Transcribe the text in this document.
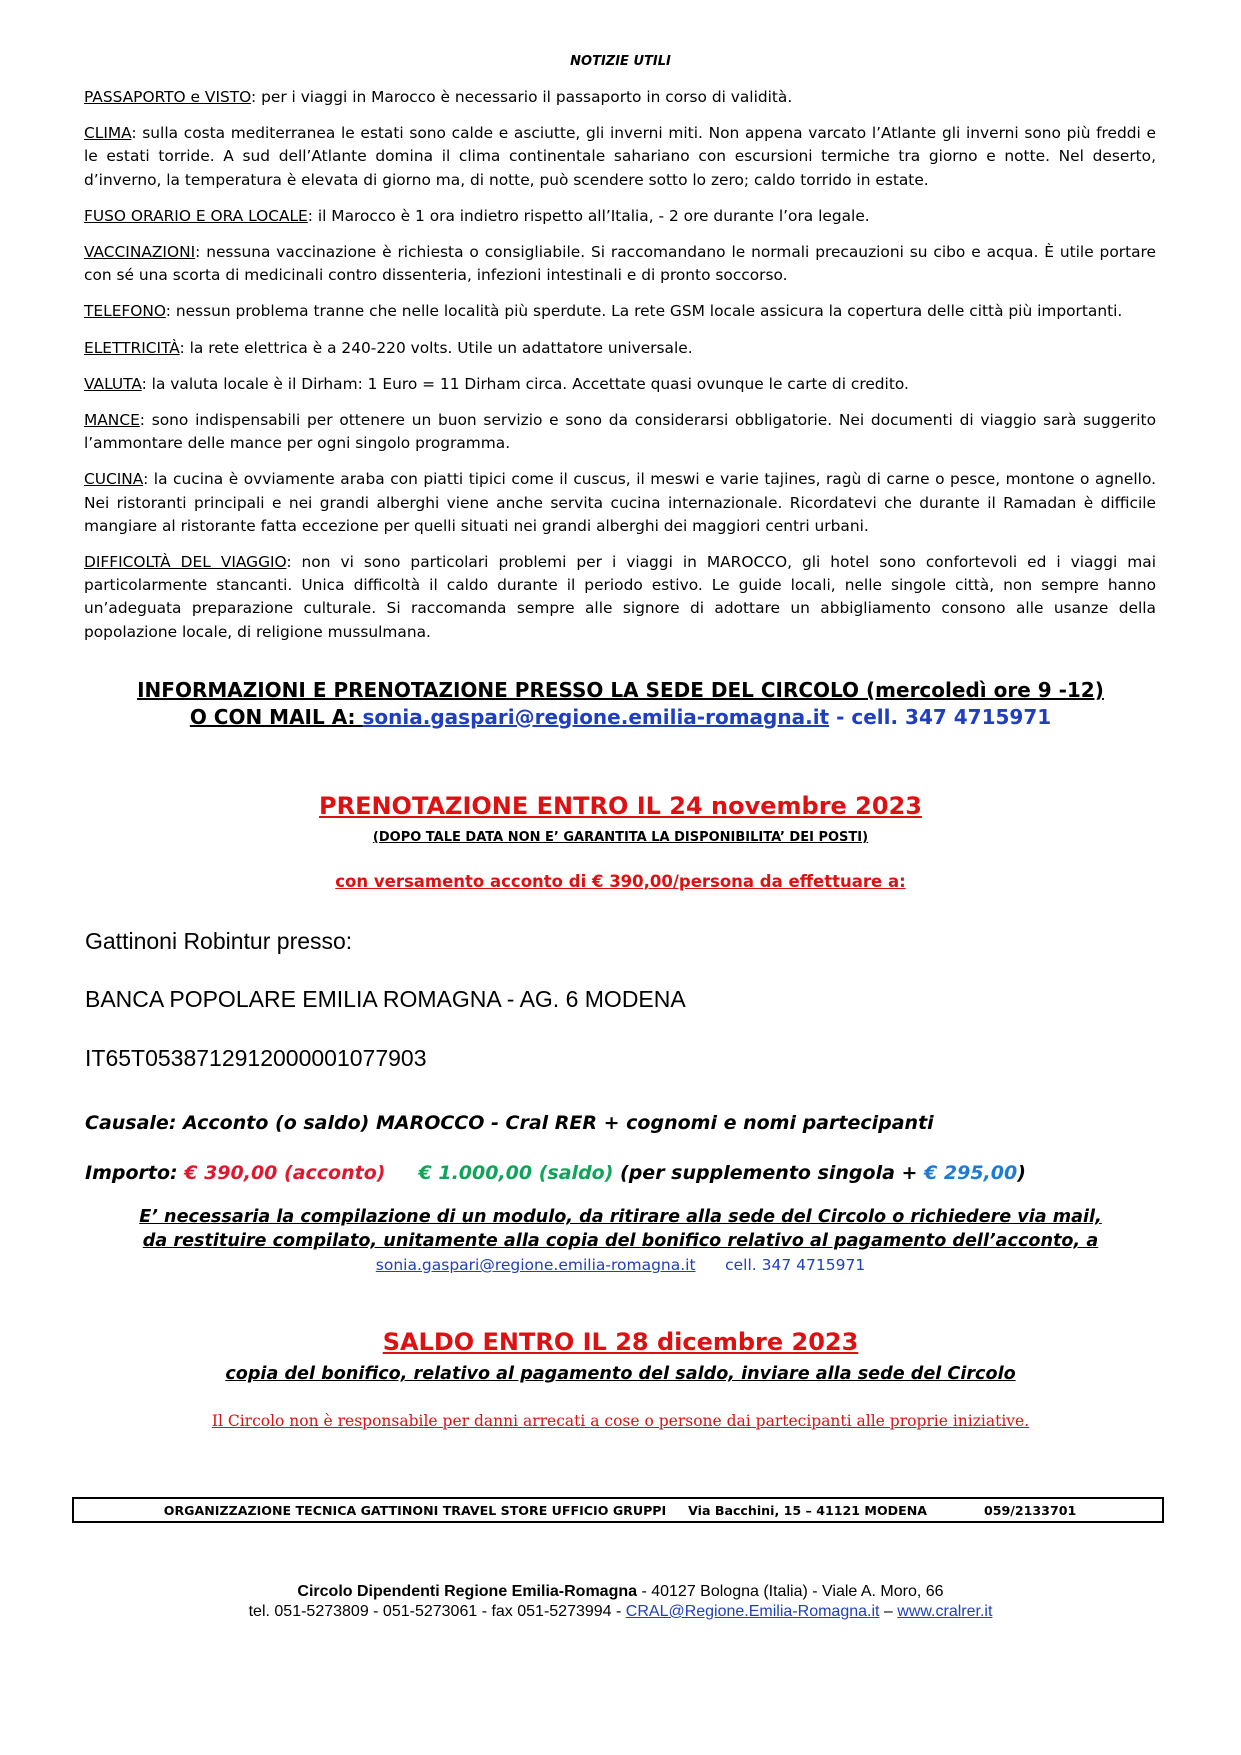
NOTIZIE UTILI

PASSAPORTO e VISTO: per i viaggi in Marocco è necessario il passaporto in corso di validità.

CLIMA: sulla costa mediterranea le estati sono calde e asciutte, gli inverni miti. Non appena varcato l’Atlante gli inverni sono più freddi e le estati torride. A sud dell’Atlante domina il clima continentale sahariano con escursioni termiche tra giorno e notte. Nel deserto, d’inverno, la temperatura è elevata di giorno ma, di notte, può scendere sotto lo zero; caldo torrido in estate.

FUSO ORARIO E ORA LOCALE: il Marocco è 1 ora indietro rispetto all’Italia, - 2 ore durante l’ora legale.

VACCINAZIONI: nessuna vaccinazione è richiesta o consigliabile. Si raccomandano le normali precauzioni su cibo e acqua. È utile portare con sé una scorta di medicinali contro dissenteria, infezioni intestinali e di pronto soccorso.

TELEFONO: nessun problema tranne che nelle località più sperdute. La rete GSM locale assicura la copertura delle città più importanti.

ELETTRICITÀ: la rete elettrica è a 240-220 volts. Utile un adattatore universale.

VALUTA: la valuta locale è il Dirham: 1 Euro = 11 Dirham circa. Accettate quasi ovunque le carte di credito.

MANCE: sono indispensabili per ottenere un buon servizio e sono da considerarsi obbligatorie. Nei documenti di viaggio sarà suggerito l’ammontare delle mance per ogni singolo programma.

CUCINA: la cucina è ovviamente araba con piatti tipici come il cuscus, il meswi e varie tajines, ragù di carne o pesce, montone o agnello. Nei ristoranti principali e nei grandi alberghi viene anche servita cucina internazionale. Ricordatevi che durante il Ramadan è difficile mangiare al ristorante fatta eccezione per quelli situati nei grandi alberghi dei maggiori centri urbani.

DIFFICOLTÀ DEL VIAGGIO: non vi sono particolari problemi per i viaggi in MAROCCO, gli hotel sono confortevoli ed i viaggi mai particolarmente stancanti. Unica difficoltà il caldo durante il periodo estivo. Le guide locali, nelle singole città, non sempre hanno un’adeguata preparazione culturale. Si raccomanda sempre alle signore di adottare un abbigliamento consono alle usanze della popolazione locale, di religione mussulmana.

INFORMAZIONI E PRENOTAZIONE PRESSO LA SEDE DEL CIRCOLO (mercoledì ore 9 -12)
O CON MAIL A: sonia.gaspari@regione.emilia-romagna.it - cell. 347 4715971
PRENOTAZIONE ENTRO IL 24 novembre 2023
(DOPO TALE DATA NON E’ GARANTITA LA DISPONIBILITA’ DEI POSTI)
con versamento acconto di € 390,00/persona da effettuare a:
Gattinoni Robintur presso:
BANCA POPOLARE EMILIA ROMAGNA - AG. 6 MODENA
IT65T0538712912000001077903
Causale: Acconto (o saldo) MAROCCO - Cral RER + cognomi e nomi partecipanti
Importo: € 390,00 (acconto) € 1.000,00 (saldo) (per supplemento singola + € 295,00)
E’ necessaria la compilazione di un modulo, da ritirare alla sede del Circolo o richiedere via mail,
da restituire compilato, unitamente alla copia del bonifico relativo al pagamento dell’acconto, a
sonia.gaspari@regione.emilia-romagna.it cell. 347 4715971
SALDO ENTRO IL 28 dicembre 2023
copia del bonifico, relativo al pagamento del saldo, inviare alla sede del Circolo
Il Circolo non è responsabile per danni arrecati a cose o persone dai partecipanti alle proprie iniziative.
ORGANIZZAZIONE TECNICA GATTINONI TRAVEL STORE UFFICIO GRUPPI     Via Bacchini, 15 – 41121 MODENA             059/2133701
Circolo Dipendenti Regione Emilia-Romagna - 40127 Bologna (Italia) - Viale A. Moro, 66
tel. 051-5273809 - 051-5273061 - fax 051-5273994 - CRAL@Regione.Emilia-Romagna.it – www.cralrer.it
